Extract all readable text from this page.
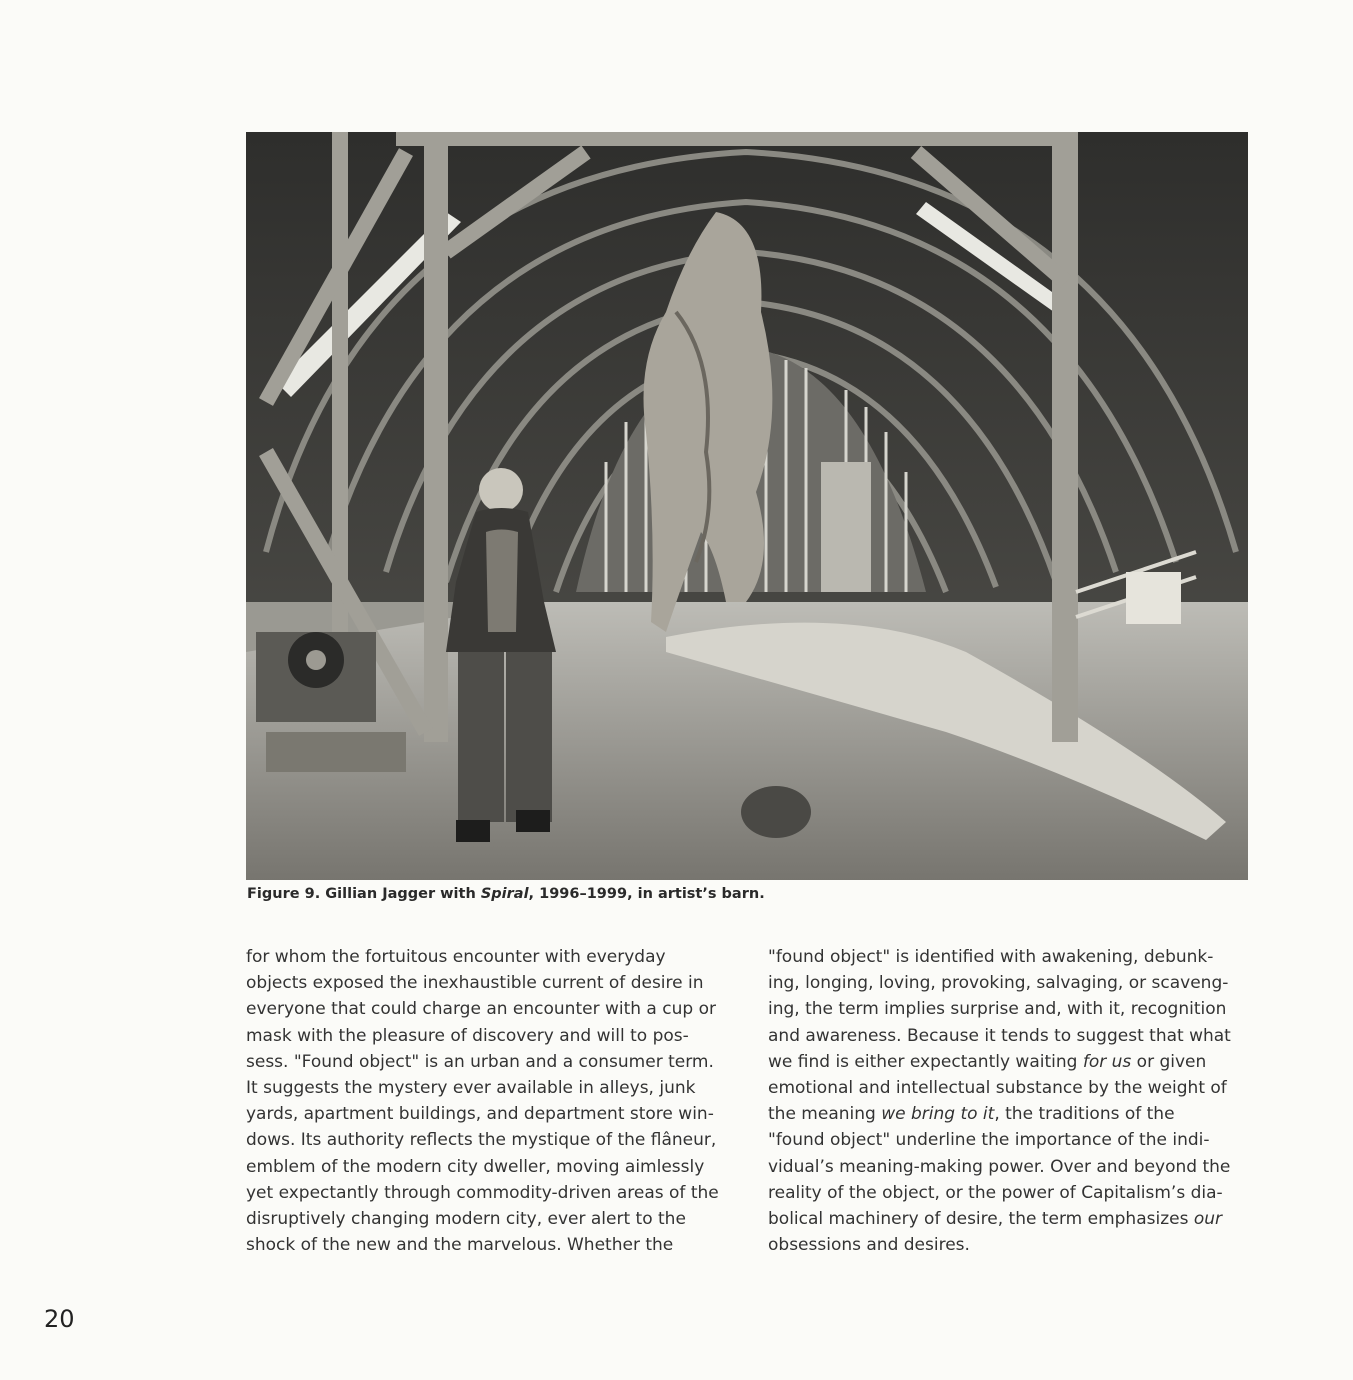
Figure 9. Gillian Jagger with Spiral, 1996–1999, in artist’s barn.
for whom the fortuitous encounter with everyday
objects exposed the inexhaustible current of desire in
everyone that could charge an encounter with a cup or
mask with the pleasure of discovery and will to pos-
sess. "Found object" is an urban and a consumer term.
It suggests the mystery ever available in alleys, junk
yards, apartment buildings, and department store win-
dows. Its authority reflects the mystique of the flâneur,
emblem of the modern city dweller, moving aimlessly
yet expectantly through commodity-driven areas of the
disruptively changing modern city, ever alert to the
shock of the new and the marvelous. Whether the
"found object" is identified with awakening, debunk-
ing, longing, loving, provoking, salvaging, or scaveng-
ing, the term implies surprise and, with it, recognition
and awareness. Because it tends to suggest that what
we find is either expectantly waiting for us or given
emotional and intellectual substance by the weight of
the meaning we bring to it, the traditions of the
"found object" underline the importance of the indi-
vidual’s meaning-making power. Over and beyond the
reality of the object, or the power of Capitalism’s dia-
bolical machinery of desire, the term emphasizes our
obsessions and desires.
20
